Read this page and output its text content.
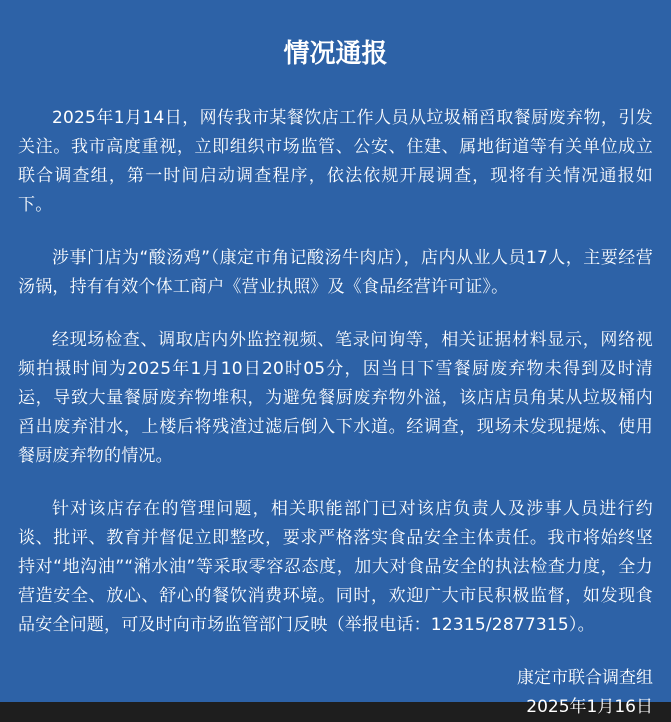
情况通报

2025年1月14日，网传我市某餐饮店工作人员从垃圾桶舀取餐厨废弃物，引发关注。我市高度重视，立即组织市场监管、公安、住建、属地街道等有关单位成立联合调查组，第一时间启动调查程序，依法依规开展调查，现将有关情况通报如下。

涉事门店为“酸汤鸡”（康定市角记酸汤牛肉店），店内从业人员17人，主要经营汤锅，持有有效个体工商户《营业执照》及《食品经营许可证》。

经现场检查、调取店内外监控视频、笔录问询等，相关证据材料显示，网络视频拍摄时间为2025年1月10日20时05分，因当日下雪餐厨废弃物未得到及时清运，导致大量餐厨废弃物堆积，为避免餐厨废弃物外溢，该店店员角某从垃圾桶内舀出废弃泔水，上楼后将残渣过滤后倒入下水道。经调查，现场未发现提炼、使用餐厨废弃物的情况。

针对该店存在的管理问题，相关职能部门已对该店负责人及涉事人员进行约谈、批评、教育并督促立即整改，要求严格落实食品安全主体责任。我市将始终坚持对“地沟油”“潲水油”等采取零容忍态度，加大对食品安全的执法检查力度，全力营造安全、放心、舒心的餐饮消费环境。同时，欢迎广大市民积极监督，如发现食品安全问题，可及时向市场监管部门反映（举报电话：12315/2877315）。

康定市联合调查组
2025年1月16日
